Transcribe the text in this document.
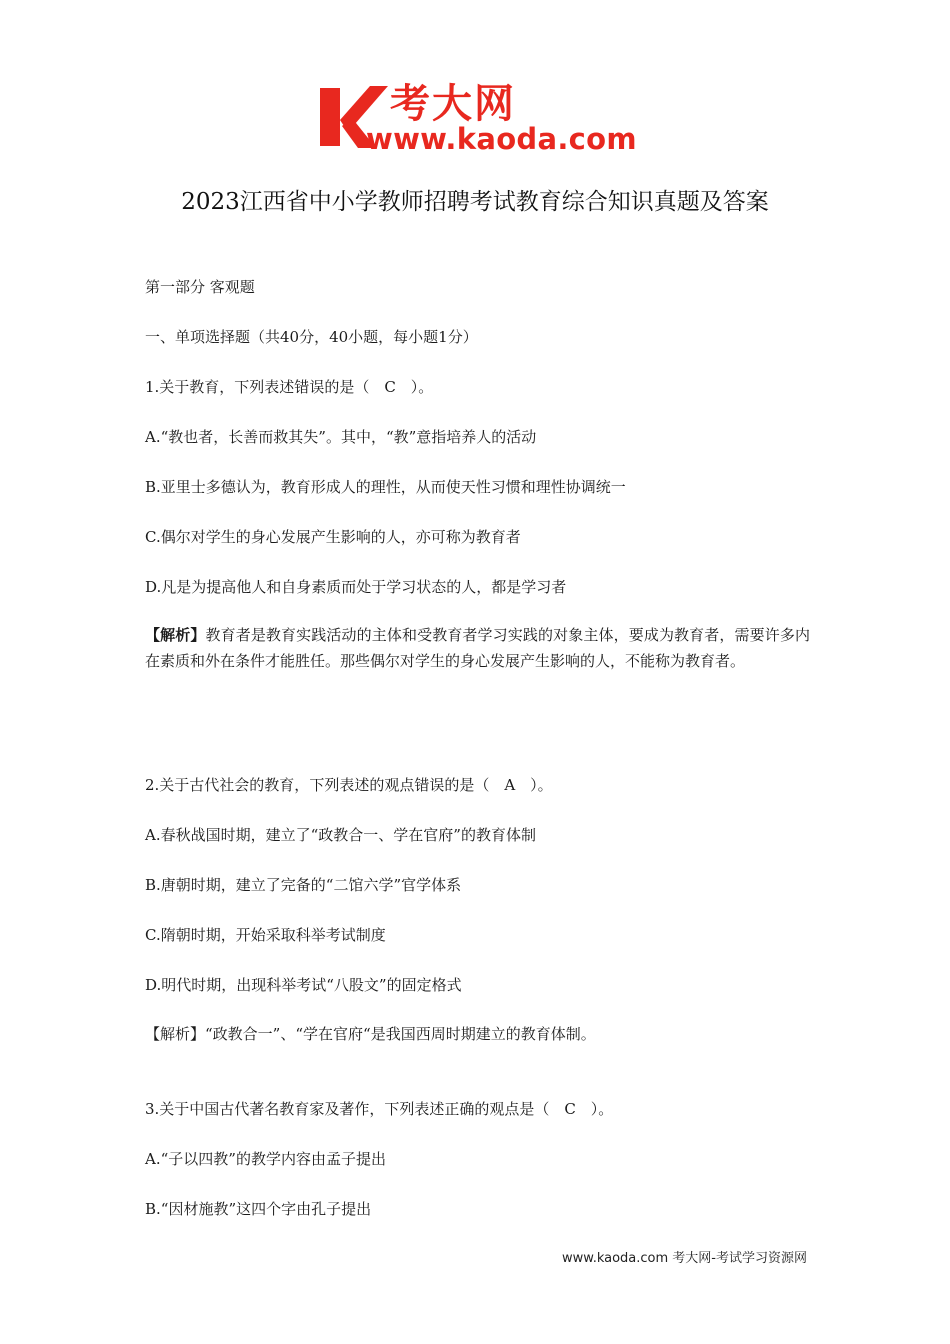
考大网
www.kaoda.com
2023江西省中小学教师招聘考试教育综合知识真题及答案
第一部分 客观题
一、单项选择题（共40分，40小题，每小题1分）
1.关于教育，下列表述错误的是（　C　）。
A.“教也者，长善而救其失”。其中，“教”意指培养人的活动
B.亚里士多德认为，教育形成人的理性，从而使天性习惯和理性协调统一
C.偶尔对学生的身心发展产生影响的人，亦可称为教育者
D.凡是为提高他人和自身素质而处于学习状态的人，都是学习者
【解析】教育者是教育实践活动的主体和受教育者学习实践的对象主体，要成为教育者，需要许多内在素质和外在条件才能胜任。那些偶尔对学生的身心发展产生影响的人，不能称为教育者。
2.关于古代社会的教育，下列表述的观点错误的是（　A　）。
A.春秋战国时期，建立了“政教合一、学在官府”的教育体制
B.唐朝时期，建立了完备的“二馆六学”官学体系
C.隋朝时期，开始采取科举考试制度
D.明代时期，出现科举考试“八股文”的固定格式
【解析】“政教合一”、“学在官府“是我国西周时期建立的教育体制。
3.关于中国古代著名教育家及著作，下列表述正确的观点是（　C　）。
A.“子以四教”的教学内容由孟子提出
B.“因材施教”这四个字由孔子提出
www.kaoda.com 考大网-考试学习资源网
